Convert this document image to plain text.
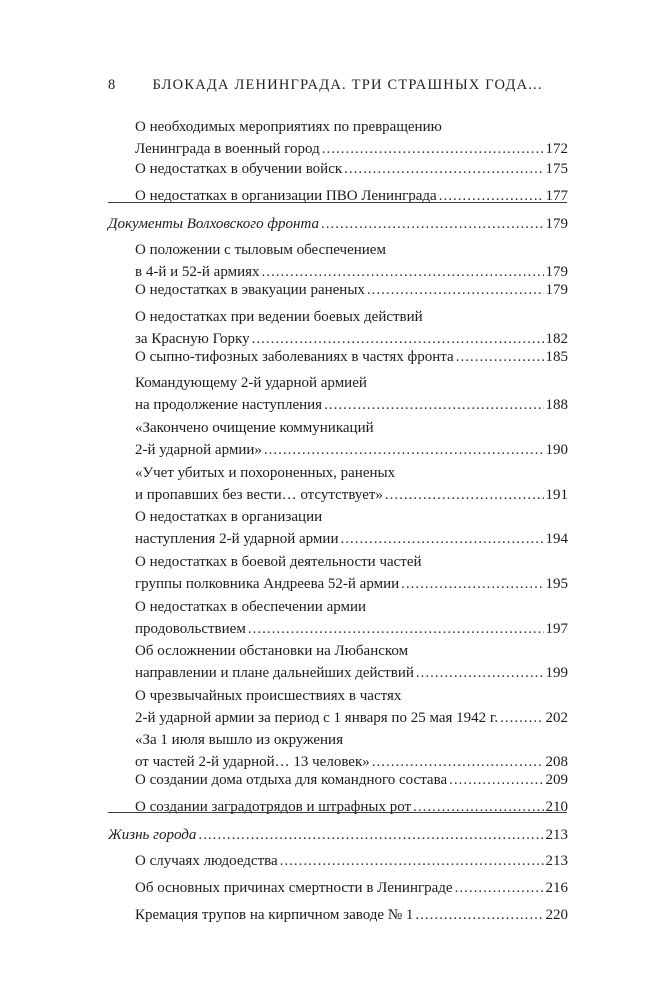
8 БЛОКАДА ЛЕНИНГРАДА. ТРИ СТРАШНЫХ ГОДА...
О необходимых мероприятиях по превращению
Ленинграда в военный город .....	172
О недостатках в обучении войск .....	175
О недостатках в организации ПВО Ленинграда .....	177
Документы Волховского фронта .....	179
О положении с тыловым обеспечением
в 4-й и 52-й армиях .....	179
О недостатках в эвакуации раненых .....	179
О недостатках при ведении боевых действий
за Красную Горку .....	182
О сыпно-тифозных заболеваниях в частях фронта .....	185
Командующему 2-й ударной армией
на продолжение наступления .....	188
«Закончено очищение коммуникаций
2-й ударной армии» .....	190
«Учет убитых и похороненных, раненых
и пропавших без вести… отсутствует» .....	191
О недостатках в организации
наступления 2-й ударной армии .....	194
О недостатках в боевой деятельности частей
группы полковника Андреева 52-й армии .....	195
О недостатках в обеспечении армии
продовольствием .....	197
Об осложнении обстановки на Любанском
направлении и плане дальнейших действий .....	199
О чрезвычайных происшествиях в частях
2-й ударной армии за период с 1 января по 25 мая 1942 г. .....	202
«За 1 июля вышло из окружения
от частей 2-й ударной… 13 человек» .....	208
О создании дома отдыха для командного состава .....	209
О создании заградотрядов и штрафных рот .....	210
Жизнь города .....	213
О случаях людоедства .....	213
Об основных причинах смертности в Ленинграде .....	216
Кремация трупов на кирпичном заводе № 1 .....	220
